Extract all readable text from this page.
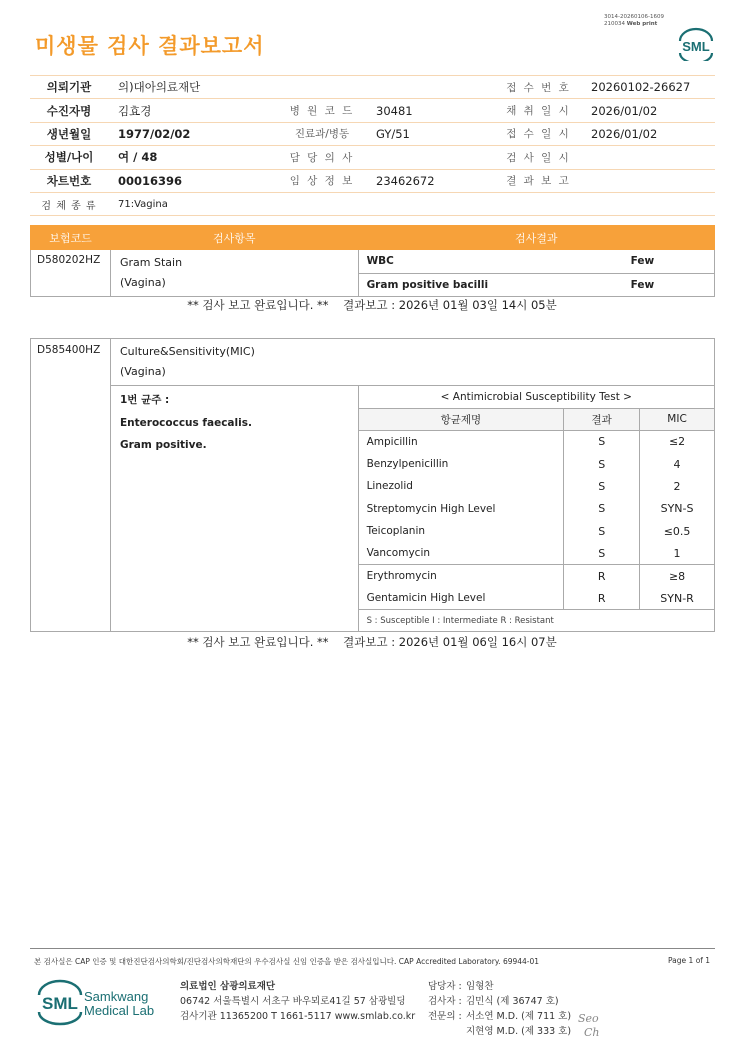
미생물 검사 결과보고서
3014-20260106-1609
210034 Web print
SML
의뢰기관	의)대아의료재단			접 수 번 호	20260102-26627
수진자명	김효경	병 원 코 드	30481	채 취 일 시	2026/01/02
생년월일	1977/02/02	진료과/병동	GY/51	접 수 일 시	2026/01/02
성별/나이	여 / 48	담 당 의 사		검 사 일 시	
차트번호	00016396	임 상 정 보	23462672	결 과 보 고	
검 체 종 류	71:Vagina				
보험코드	검사항목	검사결과	
D580202HZ	Gram Stain
(Vagina)	WBC	Few
		Gram positive bacilli	Few
** 검사 보고 완료입니다. ** 결과보고 : 2026년 01월 03일 14시 05분
D585400HZ	Culture&Sensitivity(MIC)
(Vagina)			

	1번 균주 :
Enterococcus faecalis.
Gram positive.	< Antimicrobial Susceptibility Test >		
		항균제명	결과	MIC
		Ampicillin	S	≤2
		Benzylpenicillin	S	4
		Linezolid	S	2
		Streptomycin High Level	S	SYN-S
		Teicoplanin	S	≤0.5
		Vancomycin	S	1
		Erythromycin	R	≥8
		Gentamicin High Level	R	SYN-R
		S : Susceptible I : Intermediate R : Resistant		
** 검사 보고 완료입니다. ** 결과보고 : 2026년 01월 06일 16시 07분
본 검사실은 CAP 인증 및 대한진단검사의학회/진단검사의학재단의 우수검사실 신임 인증을 받은 검사실입니다. CAP Accredited Laboratory. 69944-01	Page 1 of 1
SML Samkwang
Medical Lab
의료법인 삼광의료재단
06742 서울특별시 서초구 바우뫼로41길 57 삼광빌딩
검사기관 11365200 T 1661-5117 www.smlab.co.kr
담당자 : 임형찬
검사자 : 김민식 (제 36747 호)
전문의 : 서소연 M.D. (제 711 호)
지현영 M.D. (제 333 호)
Seo
Ch
